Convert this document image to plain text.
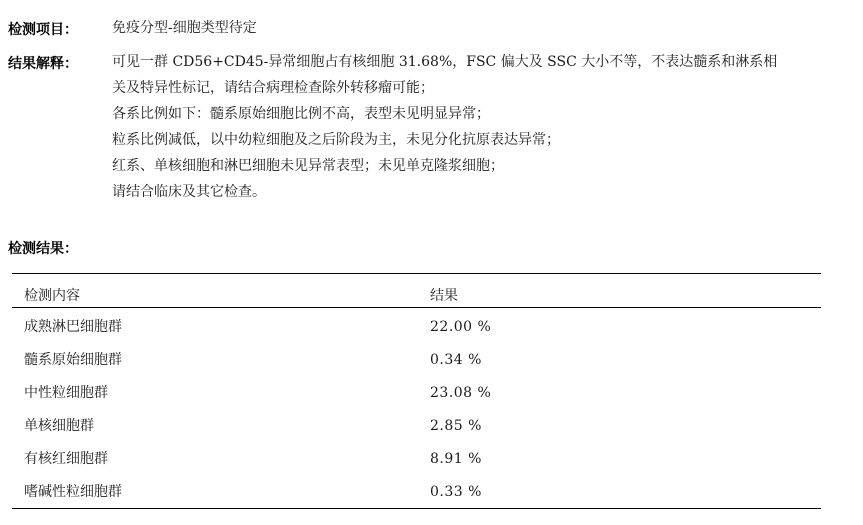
检测项目： 免疫分型-细胞类型待定
结果解释： 可见一群 CD56+CD45-异常细胞占有核细胞 31.68%，FSC 偏大及 SSC 大小不等，不表达髓系和淋系相
关及特异性标记，请结合病理检查除外转移瘤可能；
各系比例如下：髓系原始细胞比例不高，表型未见明显异常；
粒系比例减低，以中幼粒细胞及之后阶段为主，未见分化抗原表达异常；
红系、单核细胞和淋巴细胞未见异常表型；未见单克隆浆细胞；
请结合临床及其它检查。
检测结果：
检测内容	结果
成熟淋巴细胞群	22.00 %
髓系原始细胞群	0.34 %
中性粒细胞群	23.08 %
单核细胞群	2.85 %
有核红细胞群	8.91 %
嗜碱性粒细胞群	0.33 %
